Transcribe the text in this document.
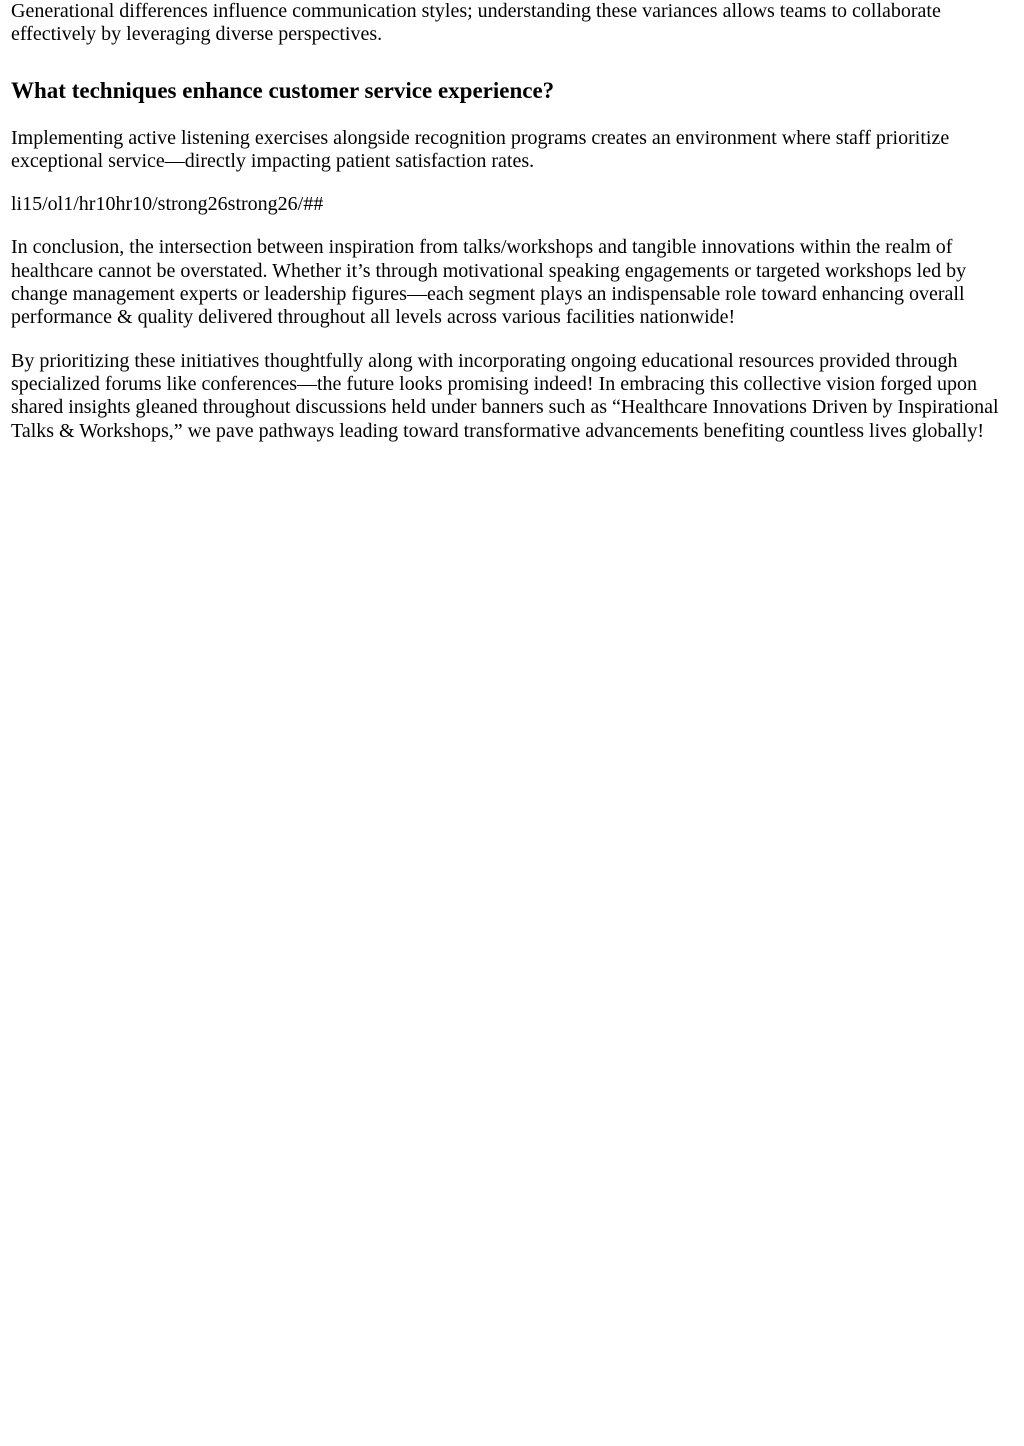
Generational differences influence communication styles; understanding these variances allows teams to collaborate effectively by leveraging diverse perspectives.

What techniques enhance customer service experience?

Implementing active listening exercises alongside recognition programs creates an environment where staff prioritize exceptional service—directly impacting patient satisfaction rates.

li15/ol1/hr10hr10/strong26strong26/##

In conclusion, the intersection between inspiration from talks/workshops and tangible innovations within the realm of healthcare cannot be overstated. Whether it’s through motivational speaking engagements or targeted workshops led by change management experts or leadership figures—each segment plays an indispensable role toward enhancing overall performance & quality delivered throughout all levels across various facilities nationwide!

By prioritizing these initiatives thoughtfully along with incorporating ongoing educational resources provided through specialized forums like conferences—the future looks promising indeed! In embracing this collective vision forged upon shared insights gleaned throughout discussions held under banners such as “Healthcare Innovations Driven by Inspirational Talks & Workshops,” we pave pathways leading toward transformative advancements benefiting countless lives globally!
